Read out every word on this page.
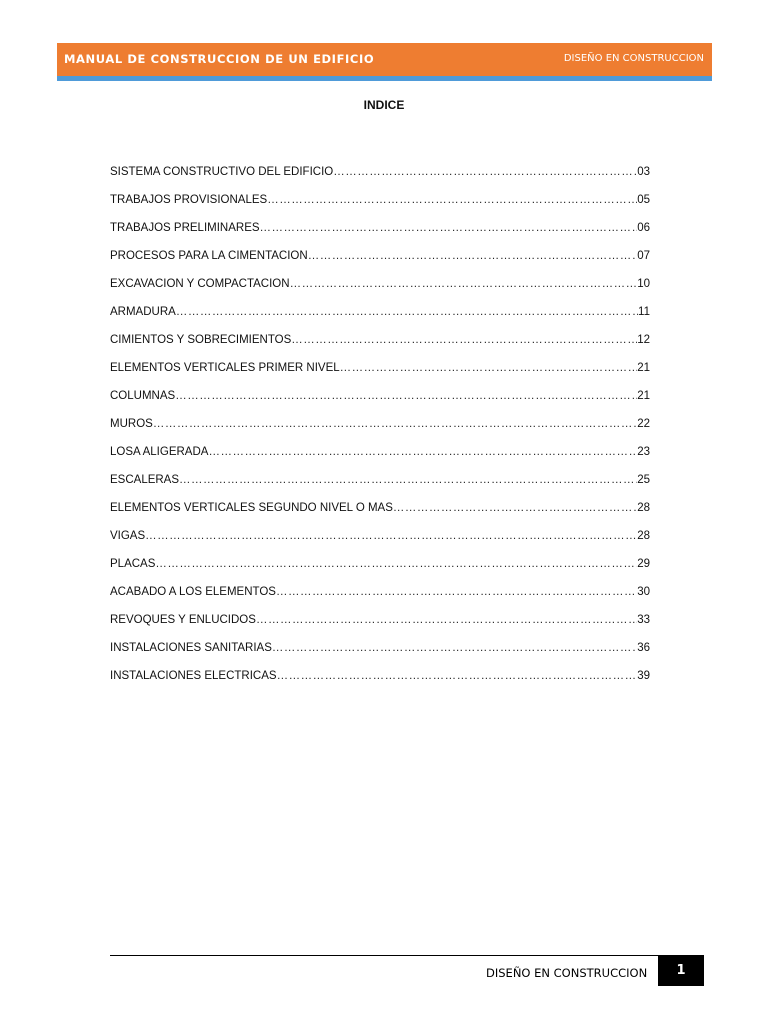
MANUAL DE CONSTRUCCION DE UN EDIFICIO	DISEÑO EN CONSTRUCCION
INDICE
SISTEMA CONSTRUCTIVO DEL EDIFICIO ………………………………………………………………………………………………………………………………………………………………	03
TRABAJOS PROVISIONALES ………………………………………………………………………………………………………………………………………………………………	05
TRABAJOS PRELIMINARES ………………………………………………………………………………………………………………………………………………………………	06
PROCESOS PARA LA CIMENTACION ………………………………………………………………………………………………………………………………………………………………	07
EXCAVACION Y COMPACTACION ………………………………………………………………………………………………………………………………………………………………	10
ARMADURA ………………………………………………………………………………………………………………………………………………………………	11
CIMIENTOS Y SOBRECIMIENTOS ………………………………………………………………………………………………………………………………………………………………	12
ELEMENTOS VERTICALES PRIMER NIVEL ………………………………………………………………………………………………………………………………………………………………	21
COLUMNAS ………………………………………………………………………………………………………………………………………………………………	21
MUROS ………………………………………………………………………………………………………………………………………………………………	22
LOSA ALIGERADA ………………………………………………………………………………………………………………………………………………………………	23
ESCALERAS ………………………………………………………………………………………………………………………………………………………………	25
ELEMENTOS VERTICALES SEGUNDO NIVEL O MAS ………………………………………………………………………………………………………………………………………………………………	28
VIGAS ………………………………………………………………………………………………………………………………………………………………	28
PLACAS ………………………………………………………………………………………………………………………………………………………………	29
ACABADO A LOS ELEMENTOS ………………………………………………………………………………………………………………………………………………………………	30
REVOQUES Y ENLUCIDOS ………………………………………………………………………………………………………………………………………………………………	33
INSTALACIONES SANITARIAS ………………………………………………………………………………………………………………………………………………………………	36
INSTALACIONES ELECTRICAS ………………………………………………………………………………………………………………………………………………………………	39
DISEÑO EN CONSTRUCCION	1
